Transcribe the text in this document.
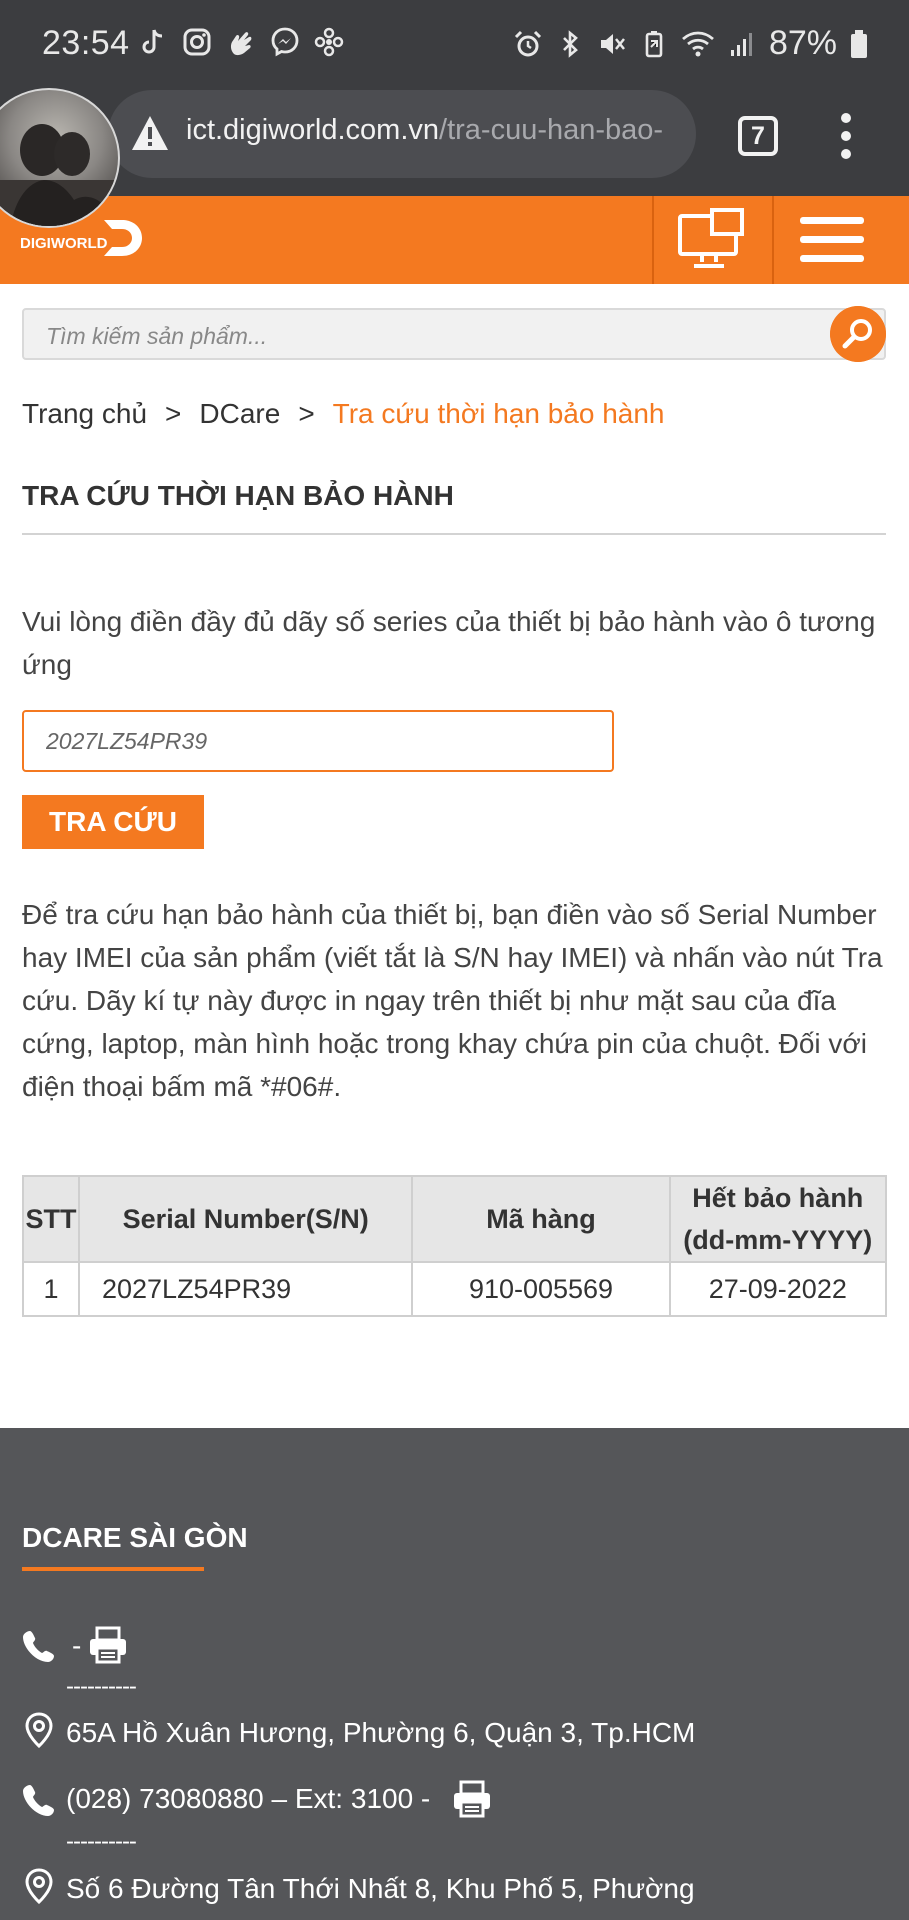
23:54	87%
ict.digiworld.com.vn/tra-cuu-han-bao-	7
DIGIWORLD
Tìm kiếm sản phẩm...
Trang chủ > DCare > Tra cứu thời hạn bảo hành
TRA CỨU THỜI HẠN BẢO HÀNH

Vui lòng điền đầy đủ dãy số series của thiết bị bảo hành vào ô tương ứng

2027LZ54PR39
TRA CỨU

Để tra cứu hạn bảo hành của thiết bị, bạn điền vào số Serial Number hay IMEI của sản phẩm (viết tắt là S/N hay IMEI) và nhấn vào nút Tra cứu. Dãy kí tự này được in ngay trên thiết bị như mặt sau của đĩa cứng, laptop, màn hình hoặc trong khay chứa pin của chuột. Đối với điện thoại bấm mã *#06#.

STT	Serial Number(S/N)	Mã hàng	Hết bảo hành (dd-mm-YYYY)
1	2027LZ54PR39	910-005569	27-09-2022
DCARE SÀI GÒN
-
----------
65A Hồ Xuân Hương, Phường 6, Quận 3, Tp.HCM
(028) 73080880 – Ext: 3100 -
----------
Số 6 Đường Tân Thới Nhất 8, Khu Phố 5, Phường
